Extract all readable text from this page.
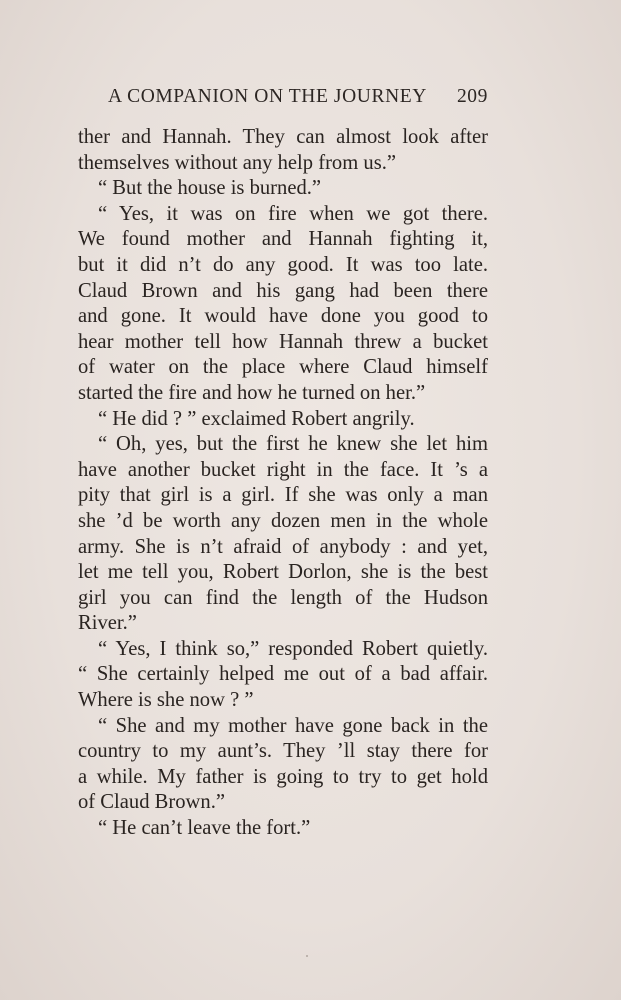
A COMPANION ON THE JOURNEY 209
ther and Hannah. They can almost look after
themselves without any help from us.”
“ But the house is burned.”
“ Yes, it was on fire when we got there.
We found mother and Hannah fighting it,
but it did n’t do any good. It was too late.
Claud Brown and his gang had been there
and gone. It would have done you good to
hear mother tell how Hannah threw a bucket
of water on the place where Claud himself
started the fire and how he turned on her.”
“ He did ? ” exclaimed Robert angrily.
“ Oh, yes, but the first he knew she let him
have another bucket right in the face. It ’s a
pity that girl is a girl. If she was only a man
she ’d be worth any dozen men in the whole
army. She is n’t afraid of anybody : and yet,
let me tell you, Robert Dorlon, she is the best
girl you can find the length of the Hudson
River.”
“ Yes, I think so,” responded Robert quietly.
“ She certainly helped me out of a bad affair.
Where is she now ? ”
“ She and my mother have gone back in the
country to my aunt’s. They ’ll stay there for
a while. My father is going to try to get hold
of Claud Brown.”
“ He can’t leave the fort.”
